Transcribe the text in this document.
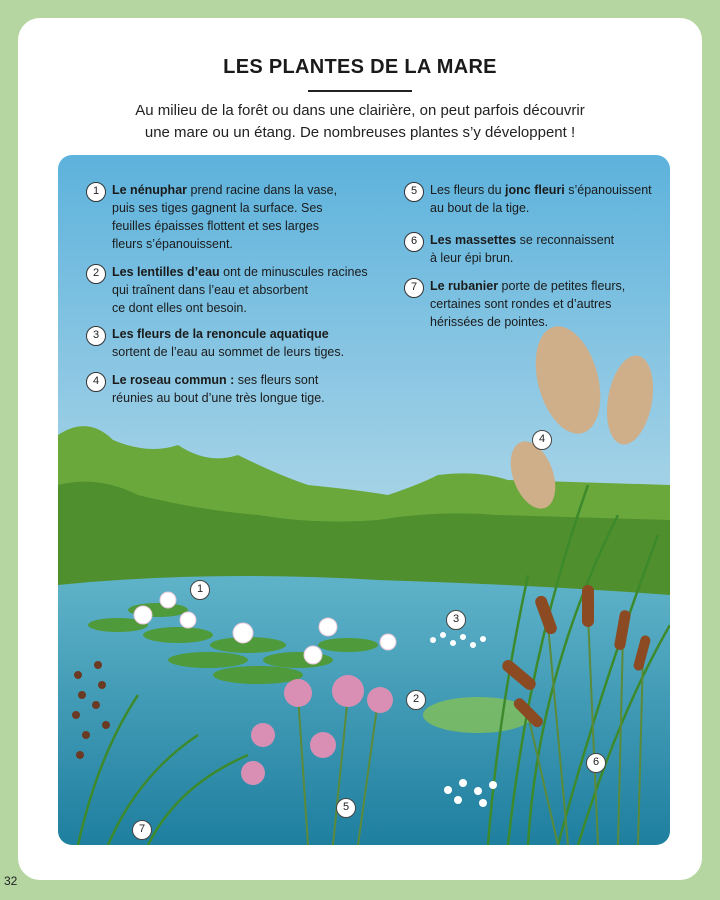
LES PLANTES DE LA MARE
Au milieu de la forêt ou dans une clairière, on peut parfois découvrir
une mare ou un étang. De nombreuses plantes s’y développent !
1	Le nénuphar prend racine dans la vase,
puis ses tiges gagnent la surface. Ses
feuilles épaisses flottent et ses larges
fleurs s’épanouissent.
2	Les lentilles d’eau ont de minuscules racines
qui traînent dans l’eau et absorbent
ce dont elles ont besoin.
3	Les fleurs de la renoncule aquatique
sortent de l’eau au sommet de leurs tiges.
4	Le roseau commun : ses fleurs sont
réunies au bout d’une très longue tige.
5	Les fleurs du jonc fleuri s’épanouissent
au bout de la tige.
6	Les massettes se reconnaissent
à leur épi brun.
7	Le rubanier porte de petites fleurs,
certaines sont rondes et d’autres
hérissées de pointes.
1
2
3
4
5
6
7
32
